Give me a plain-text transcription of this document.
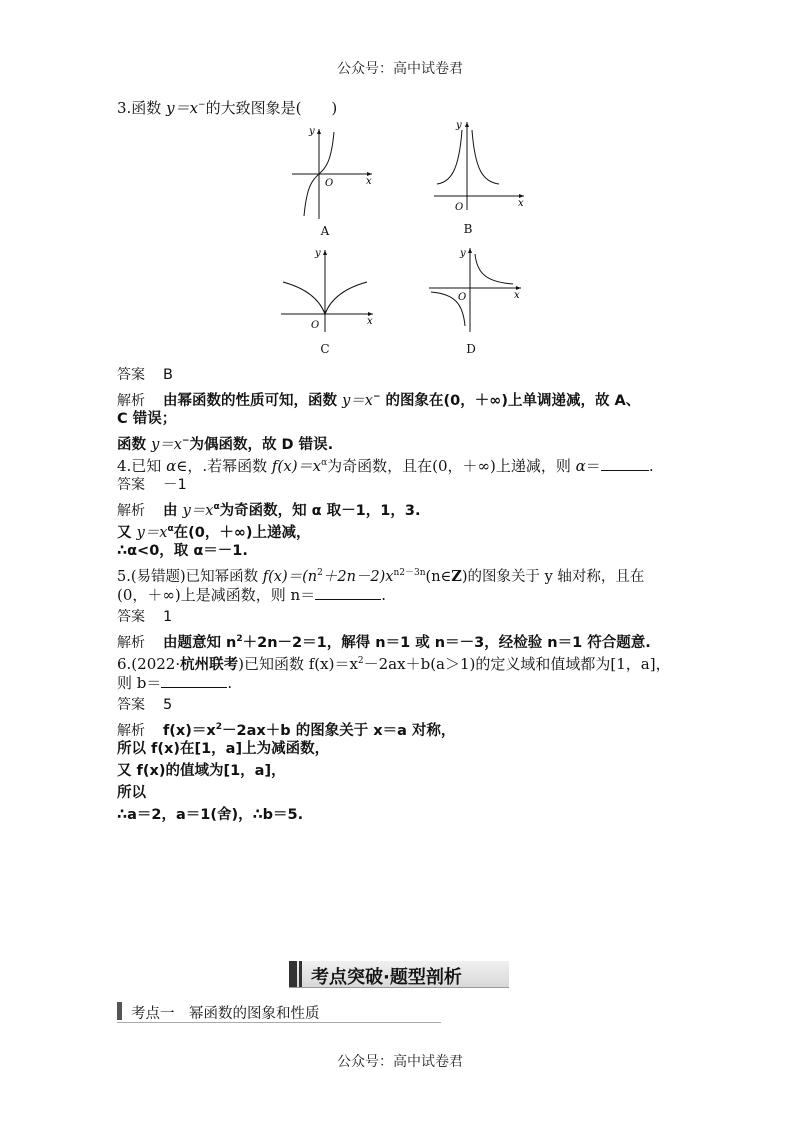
公众号：高中试卷君

3.函数 y＝x−的大致图象是(　　)

y
x
O
A
y
x
O
B
y
x
O
C
y
x
O
D

答案 B

解析 由幂函数的性质可知，函数 y＝x− 的图象在(0，＋∞)上单调递减，故 A、

C 错误；

函数 y＝x−为偶函数，故 D 错误.

4.已知 α∈，.若幂函数 $f(x)=x^\alpha$为奇函数，且在(0，＋∞)上递减，则 α＝	.

答案 －1

解析 由 $y=x^\alpha$为奇函数，知 α 取－1，1，3.

又 $y=x^\alpha$在(0，＋∞)上递减，

∴α<0，取 α＝－1.

5.(易错题)已知幂函数 $f(x)=(n^2+2n-2)x^{n2-3n}(n\in Z)$的图象关于 y 轴对称，且在

(0，＋∞)上是减函数，则 n＝	.

答案 1

解析 由题意知 $n^2+2n-2=1$，解得 n＝1 或 n＝－3，经检验 n＝1 符合题意.

6.(2022·杭州联考)已知函数 $f(x)=x^2-2ax+b(a>1)$的定义域和值域都为[1，a]，

则 b＝	.

答案 5

解析 $f(x)=x^2-2ax+b$ 的图象关于 x＝a 对称，

所以 f(x)在[1，a]上为减函数，

又 f(x)的值域为[1，a]，

所以

∴a＝2，a＝1(舍)，∴b＝5.

考点突破·题型剖析
考点一　幂函数的图象和性质
公众号：高中试卷君
